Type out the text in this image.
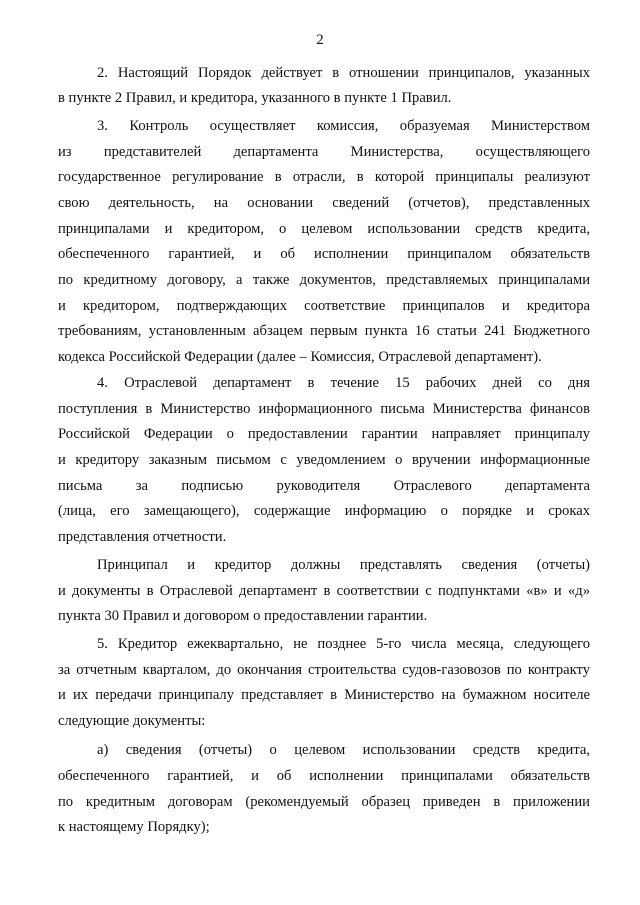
2
2. Настоящий Порядок действует в отношении принципалов, указанных
в пункте 2 Правил, и кредитора, указанного в пункте 1 Правил.
3. Контроль осуществляет комиссия, образуемая Министерством
из представителей департамента Министерства, осуществляющего
государственное регулирование в отрасли, в которой принципалы реализуют
свою деятельность, на основании сведений (отчетов), представленных
принципалами и кредитором, о целевом использовании средств кредита,
обеспеченного гарантией, и об исполнении принципалом обязательств
по кредитному договору, а также документов, представляемых принципалами
и кредитором, подтверждающих соответствие принципалов и кредитора
требованиям, установленным абзацем первым пункта 16 статьи 241 Бюджетного
кодекса Российской Федерации (далее – Комиссия, Отраслевой департамент).
4. Отраслевой департамент в течение 15 рабочих дней со дня
поступления в Министерство информационного письма Министерства финансов
Российской Федерации о предоставлении гарантии направляет принципалу
и кредитору заказным письмом с уведомлением о вручении информационные
письма за подписью руководителя Отраслевого департамента
(лица, его замещающего), содержащие информацию о порядке и сроках
представления отчетности.
Принципал и кредитор должны представлять сведения (отчеты)
и документы в Отраслевой департамент в соответствии с подпунктами «в» и «д»
пункта 30 Правил и договором о предоставлении гарантии.
5. Кредитор ежеквартально, не позднее 5-го числа месяца, следующего
за отчетным кварталом, до окончания строительства судов-газовозов по контракту
и их передачи принципалу представляет в Министерство на бумажном носителе
следующие документы:
а) сведения (отчеты) о целевом использовании средств кредита,
обеспеченного гарантией, и об исполнении принципалами обязательств
по кредитным договорам (рекомендуемый образец приведен в приложении
к настоящему Порядку);
